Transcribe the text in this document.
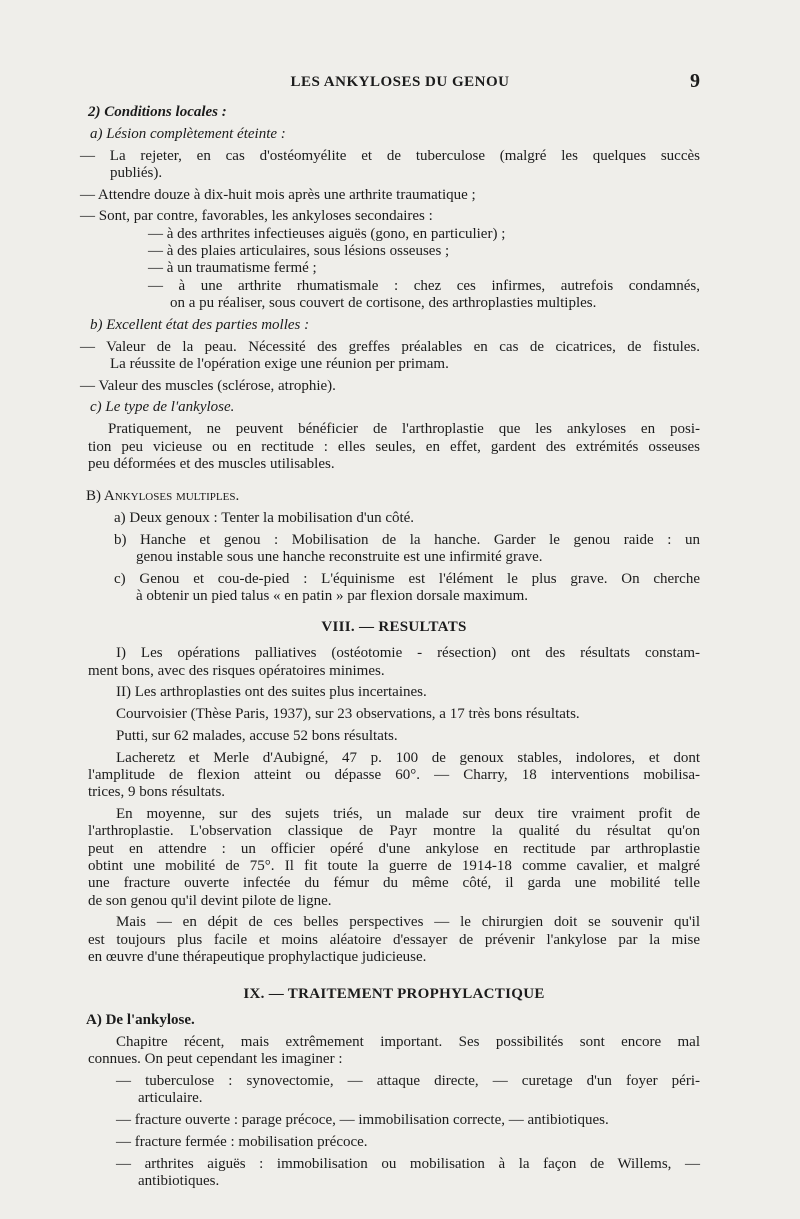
LES ANKYLOSES DU GENOU	9

2) Conditions locales :

a) Lésion complètement éteinte :

— La rejeter, en cas d'ostéomyélite et de tuberculose (malgré les quelques succès

publiés).

— Attendre douze à dix-huit mois après une arthrite traumatique ;

— Sont, par contre, favorables, les ankyloses secondaires :

— à des arthrites infectieuses aiguës (gono, en particulier) ;

— à des plaies articulaires, sous lésions osseuses ;

— à un traumatisme fermé ;

— à une arthrite rhumatismale : chez ces infirmes, autrefois condamnés,

on a pu réaliser, sous couvert de cortisone, des arthroplasties multiples.

b) Excellent état des parties molles :

— Valeur de la peau. Nécessité des greffes préalables en cas de cicatrices, de fistules.

La réussite de l'opération exige une réunion per primam.

— Valeur des muscles (sclérose, atrophie).

c) Le type de l'ankylose.

Pratiquement, ne peuvent bénéficier de l'arthroplastie que les ankyloses en posi-

tion peu vicieuse ou en rectitude : elles seules, en effet, gardent des extrémités osseuses

peu déformées et des muscles utilisables.

B) Ankyloses multiples.

a) Deux genoux : Tenter la mobilisation d'un côté.

b) Hanche et genou : Mobilisation de la hanche. Garder le genou raide : un

genou instable sous une hanche reconstruite est une infirmité grave.

c) Genou et cou-de-pied : L'équinisme est l'élément le plus grave. On cherche

à obtenir un pied talus « en patin » par flexion dorsale maximum.

VIII. — RESULTATS

I) Les opérations palliatives (ostéotomie - résection) ont des résultats constam-

ment bons, avec des risques opératoires minimes.

II) Les arthroplasties ont des suites plus incertaines.

Courvoisier (Thèse Paris, 1937), sur 23 observations, a 17 très bons résultats.

Putti, sur 62 malades, accuse 52 bons résultats.

Lacheretz et Merle d'Aubigné, 47 p. 100 de genoux stables, indolores, et dont

l'amplitude de flexion atteint ou dépasse 60°. — Charry, 18 interventions mobilisa-

trices, 9 bons résultats.

En moyenne, sur des sujets triés, un malade sur deux tire vraiment profit de

l'arthroplastie. L'observation classique de Payr montre la qualité du résultat qu'on

peut en attendre : un officier opéré d'une ankylose en rectitude par arthroplastie

obtint une mobilité de 75°. Il fit toute la guerre de 1914-18 comme cavalier, et malgré

une fracture ouverte infectée du fémur du même côté, il garda une mobilité telle

de son genou qu'il devint pilote de ligne.

Mais — en dépit de ces belles perspectives — le chirurgien doit se souvenir qu'il

est toujours plus facile et moins aléatoire d'essayer de prévenir l'ankylose par la mise

en œuvre d'une thérapeutique prophylactique judicieuse.

IX. — TRAITEMENT PROPHYLACTIQUE

A) De l'ankylose.

Chapitre récent, mais extrêmement important. Ses possibilités sont encore mal

connues. On peut cependant les imaginer :

— tuberculose : synovectomie, — attaque directe, — curetage d'un foyer péri-

articulaire.

— fracture ouverte : parage précoce, — immobilisation correcte, — antibiotiques.

— fracture fermée : mobilisation précoce.

— arthrites aiguës : immobilisation ou mobilisation à la façon de Willems, —

antibiotiques.
